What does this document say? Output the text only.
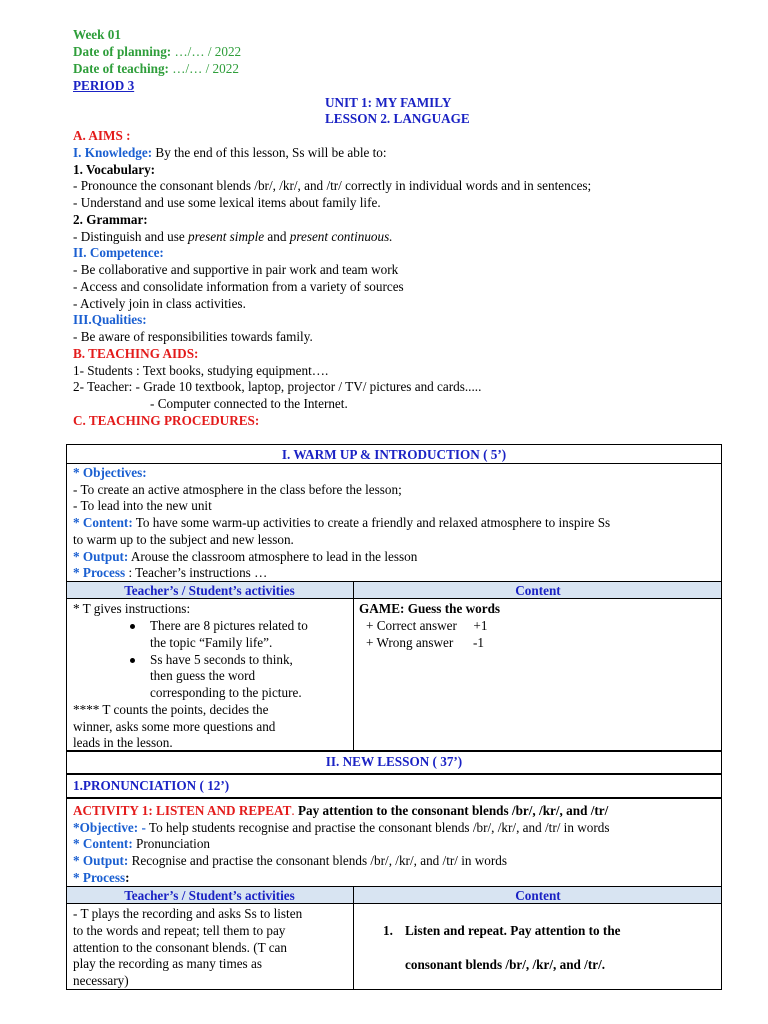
Week 01
Date of planning: …/… / 2022
Date of teaching: …/… / 2022
PERIOD 3
UNIT 1: MY FAMILY
LESSON 2. LANGUAGE
A. AIMS :
I. Knowledge: By the end of this lesson, Ss will be able to:
1. Vocabulary:
- Pronounce the consonant blends /br/, /kr/, and /tr/ correctly in individual words and in sentences;
- Understand and use some lexical items about family life.
2. Grammar:
- Distinguish and use present simple and present continuous.
II. Competence:
- Be collaborative and supportive in pair work and team work
- Access and consolidate information from a variety of sources
- Actively join in class activities.
III.Qualities:
- Be aware of responsibilities towards family.
B. TEACHING AIDS:
1- Students : Text books, studying equipment….
2- Teacher: - Grade 10 textbook, laptop, projector / TV/ pictures and cards.....
- Computer connected to the Internet.
C. TEACHING PROCEDURES:
I. WARM UP & INTRODUCTION ( 5’)
* Objectives:
- To create an active atmosphere in the class before the lesson;
- To lead into the new unit
* Content: To have some warm-up activities to create a friendly and relaxed atmosphere to inspire Ss
to warm up to the subject and new lesson.
* Output: Arouse the classroom atmosphere to lead in the lesson
* Process : Teacher’s instructions …
Teacher’s / Student’s activities	Content
* T gives instructions:
There are 8 pictures related to
the topic “Family life”.
Ss have 5 seconds to think,
then guess the word
corresponding to the picture.
**** T counts the points, decides the
winner, asks some more questions and
leads in the lesson.
GAME: Guess the words
+ Correct answer     +1
+ Wrong answer      -1
II. NEW LESSON ( 37’)
1.PRONUNCIATION ( 12’)
ACTIVITY 1: LISTEN AND REPEAT. Pay attention to the consonant blends /br/, /kr/, and /tr/
*Objective: - To help students recognise and practise the consonant blends /br/, /kr/, and /tr/ in words
* Content: Pronunciation
* Output: Recognise and practise the consonant blends /br/, /kr/, and /tr/ in words
* Process:
Teacher’s / Student’s activities	Content
- T plays the recording and asks Ss to listen
to the words and repeat; tell them to pay
attention to the consonant blends. (T can
play the recording as many times as
necessary)
1. Listen and repeat. Pay attention to the
consonant blends /br/, /kr/, and /tr/.
